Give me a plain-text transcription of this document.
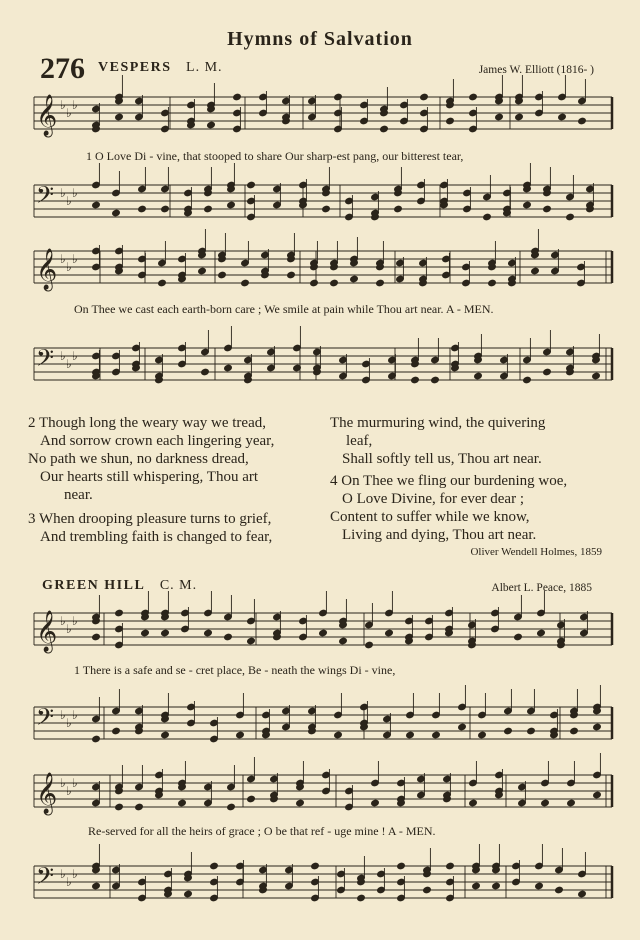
Hymns of Salvation
276 VESPERS L. M.	James W. Elliott (1816- )
𝄞 ♭
♭
♭
𝄢 ♭
♭
♭
𝄞 ♭
♭
♭
𝄢 ♭
♭
♭
𝄞 ♭
♭
♭
𝄢 ♭
♭
♭
𝄞 ♭
♭
♭
𝄢 ♭
♭
♭
1 O Love Di - vine, that stooped to share Our sharp-est pang, our bitterest tear,
On Thee we cast each earth-born care ; We smile at pain while Thou art near. A - MEN.
2 Though long the weary way we tread,
And sorrow crown each lingering year,
No path we shun, no darkness dread,
Our hearts still whispering, Thou art
near.
3 When drooping pleasure turns to grief,
And trembling faith is changed to fear,
The murmuring wind, the quivering
leaf,
Shall softly tell us, Thou art near.
4 On Thee we fling our burdening woe,
O Love Divine, for ever dear ;
Content to suffer while we know,
Living and dying, Thou art near.
Oliver Wendell Holmes, 1859
GREEN HILL C. M.	Albert L. Peace, 1885
1 There is a safe and se - cret place, Be - neath the wings Di - vine,
Re-served for all the heirs of grace ; O be that ref - uge mine ! A - MEN.
